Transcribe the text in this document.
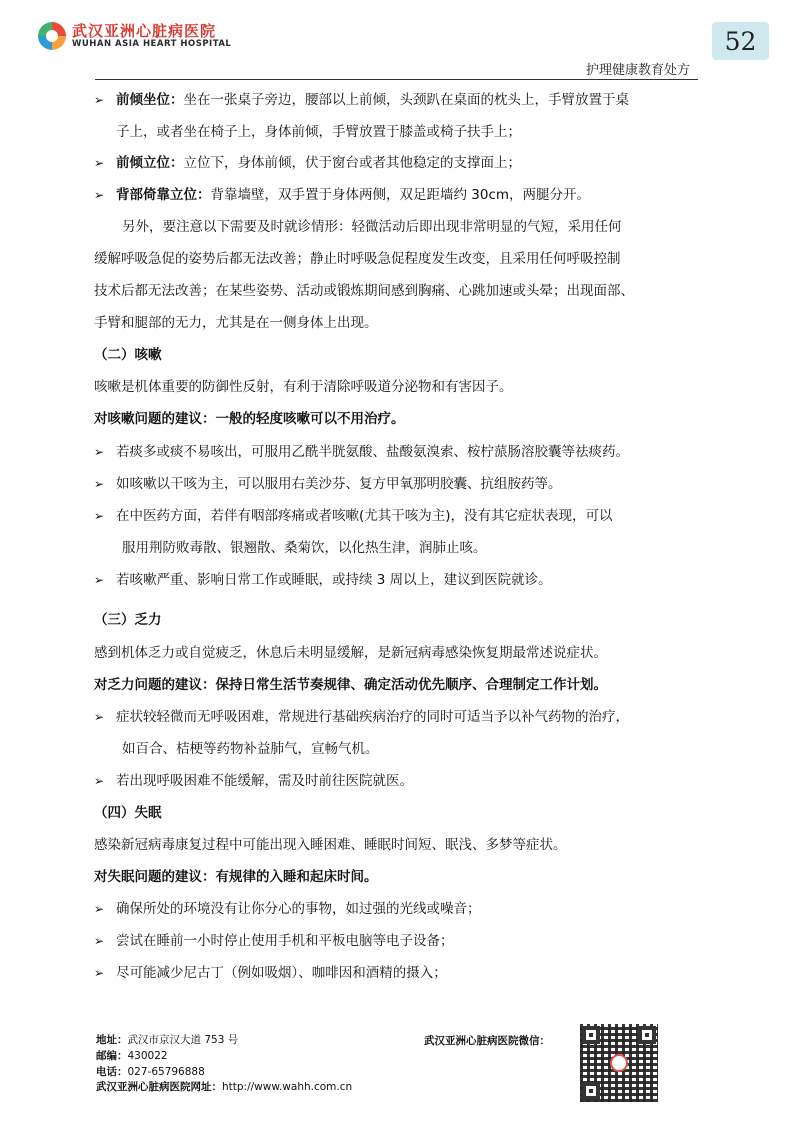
武汉亚洲心脏病医院
WUHAN ASIA HEART HOSPITAL	52
护理健康教育处方
➢ 前倾坐位：坐在一张桌子旁边，腰部以上前倾，头颈趴在桌面的枕头上，手臂放置于桌
子上，或者坐在椅子上，身体前倾，手臂放置于膝盖或椅子扶手上；
➢ 前倾立位：立位下，身体前倾，伏于窗台或者其他稳定的支撑面上；
➢ 背部倚靠立位：背靠墙壁，双手置于身体两侧，双足距墙约 30cm，两腿分开。
另外，要注意以下需要及时就诊情形：轻微活动后即出现非常明显的气短，采用任何
缓解呼吸急促的姿势后都无法改善；静止时呼吸急促程度发生改变，且采用任何呼吸控制
技术后都无法改善；在某些姿势、活动或锻炼期间感到胸痛、心跳加速或头晕；出现面部、
手臂和腿部的无力，尤其是在一侧身体上出现。
（二）咳嗽
咳嗽是机体重要的防御性反射，有利于清除呼吸道分泌物和有害因子。
对咳嗽问题的建议：一般的轻度咳嗽可以不用治疗。
➢ 若痰多或痰不易咳出，可服用乙酰半胱氨酸、盐酸氨溴索、桉柠蒎肠溶胶囊等祛痰药。
➢ 如咳嗽以干咳为主，可以服用右美沙芬、复方甲氧那明胶囊、抗组胺药等。
➢ 在中医药方面，若伴有咽部疼痛或者咳嗽(尤其干咳为主)，没有其它症状表现，可以
服用荆防败毒散、银翘散、桑菊饮，以化热生津，润肺止咳。
➢ 若咳嗽严重、影响日常工作或睡眠，或持续 3 周以上，建议到医院就诊。
（三）乏力
感到机体乏力或自觉疲乏，休息后未明显缓解，是新冠病毒感染恢复期最常述说症状。
对乏力问题的建议：保持日常生活节奏规律、确定活动优先顺序、合理制定工作计划。
➢ 症状较轻微而无呼吸困难，常规进行基础疾病治疗的同时可适当予以补气药物的治疗，
如百合、桔梗等药物补益肺气，宣畅气机。
➢ 若出现呼吸困难不能缓解，需及时前往医院就医。
（四）失眠
感染新冠病毒康复过程中可能出现入睡困难、睡眠时间短、眠浅、多梦等症状。
对失眠问题的建议：有规律的入睡和起床时间。
➢ 确保所处的环境没有让你分心的事物，如过强的光线或噪音；
➢ 尝试在睡前一小时停止使用手机和平板电脑等电子设备；
➢ 尽可能减少尼古丁（例如吸烟）、咖啡因和酒精的摄入；
地址：武汉市京汉大道 753 号
邮编：430022
电话：027-65796888
武汉亚洲心脏病医院网址：http://www.wahh.com.cn
武汉亚洲心脏病医院微信：
